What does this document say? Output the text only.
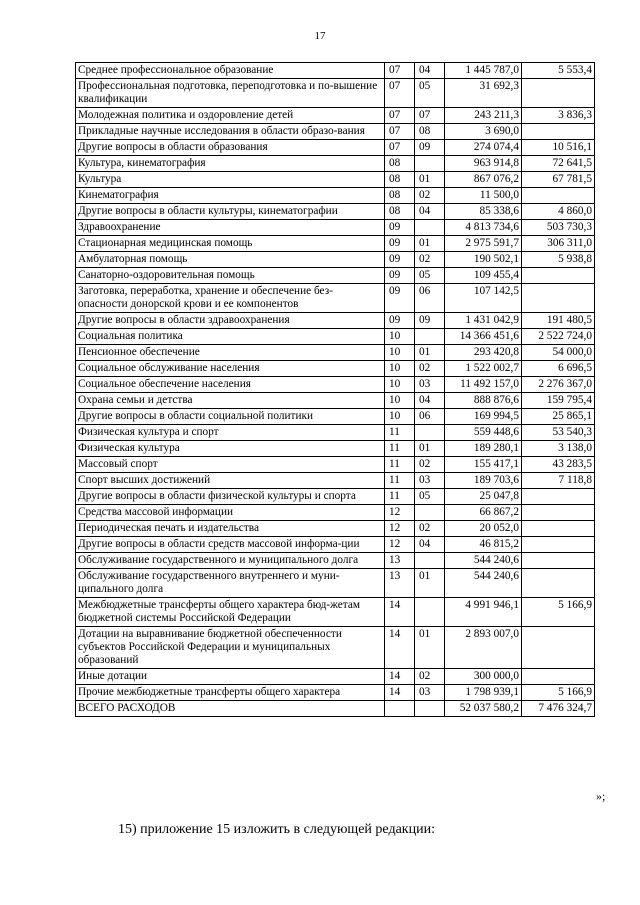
17
Среднее профессиональное образование	07	04	1 445 787,0	5 553,4
Профессиональная подготовка, переподготовка и по-вышение квалификации	07	05	31 692,3	
Молодежная политика и оздоровление детей	07	07	243 211,3	3 836,3
Прикладные научные исследования в области образо-вания	07	08	3 690,0	
Другие вопросы в области образования	07	09	274 074,4	10 516,1
Культура, кинематография	08		963 914,8	72 641,5
Культура	08	01	867 076,2	67 781,5
Кинематография	08	02	11 500,0	
Другие вопросы в области культуры, кинематографии	08	04	85 338,6	4 860,0
Здравоохранение	09		4 813 734,6	503 730,3
Стационарная медицинская помощь	09	01	2 975 591,7	306 311,0
Амбулаторная помощь	09	02	190 502,1	5 938,8
Санаторно-оздоровительная помощь	09	05	109 455,4	
Заготовка, переработка, хранение и обеспечение без-опасности донорской крови и ее компонентов	09	06	107 142,5	
Другие вопросы в области здравоохранения	09	09	1 431 042,9	191 480,5
Социальная политика	10		14 366 451,6	2 522 724,0
Пенсионное обеспечение	10	01	293 420,8	54 000,0
Социальное обслуживание населения	10	02	1 522 002,7	6 696,5
Социальное обеспечение населения	10	03	11 492 157,0	2 276 367,0
Охрана семьи и детства	10	04	888 876,6	159 795,4
Другие вопросы в области социальной политики	10	06	169 994,5	25 865,1
Физическая культура и спорт	11		559 448,6	53 540,3
Физическая культура	11	01	189 280,1	3 138,0
Массовый спорт	11	02	155 417,1	43 283,5
Спорт высших достижений	11	03	189 703,6	7 118,8
Другие вопросы в области физической культуры и спорта	11	05	25 047,8	
Средства массовой информации	12		66 867,2	
Периодическая печать и издательства	12	02	20 052,0	
Другие вопросы в области средств массовой информа-ции	12	04	46 815,2	
Обслуживание государственного и муниципального долга	13		544 240,6	
Обслуживание государственного внутреннего и муни-ципального долга	13	01	544 240,6	
Межбюджетные трансферты общего характера бюд-жетам бюджетной системы Российской Федерации	14		4 991 946,1	5 166,9
Дотации на выравнивание бюджетной обеспеченности субъектов Российской Федерации и муниципальных образований	14	01	2 893 007,0	
Иные дотации	14	02	300 000,0	
Прочие межбюджетные трансферты общего характера	14	03	1 798 939,1	5 166,9
ВСЕГО РАСХОДОВ			52 037 580,2	7 476 324,7
»;
15) приложение 15 изложить в следующей редакции:
